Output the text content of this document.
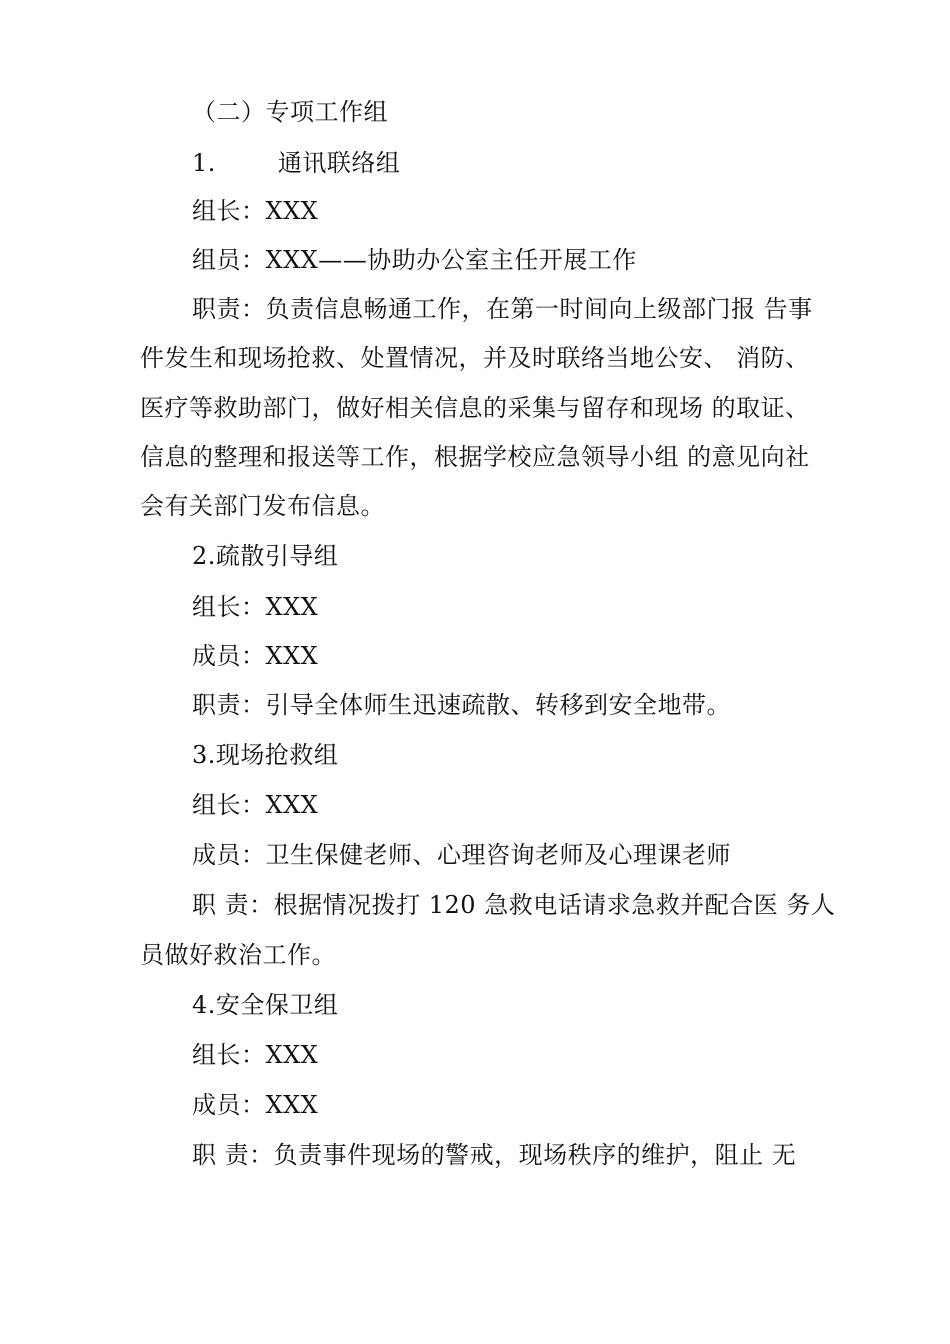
（二）专项工作组
1.	通讯联络组
组长：XXX
组员：XXX——协助办公室主任开展工作
职责：负责信息畅通工作，在第一时间向上级部门报 告事
件发生和现场抢救、处置情况，并及时联络当地公安、 消防、
医疗等救助部门，做好相关信息的采集与留存和现场 的取证、
信息的整理和报送等工作，根据学校应急领导小组 的意见向社
会有关部门发布信息。
2.疏散引导组
组长：XXX
成员：XXX
职责：引导全体师生迅速疏散、转移到安全地带。
3.现场抢救组
组长：XXX
成员：卫生保健老师、心理咨询老师及心理课老师
职 责：根据情况拨打 120 急救电话请求急救并配合医 务人
员做好救治工作。
4.安全保卫组
组长：XXX
成员：XXX
职 责：负责事件现场的警戒，现场秩序的维护，阻止 无
